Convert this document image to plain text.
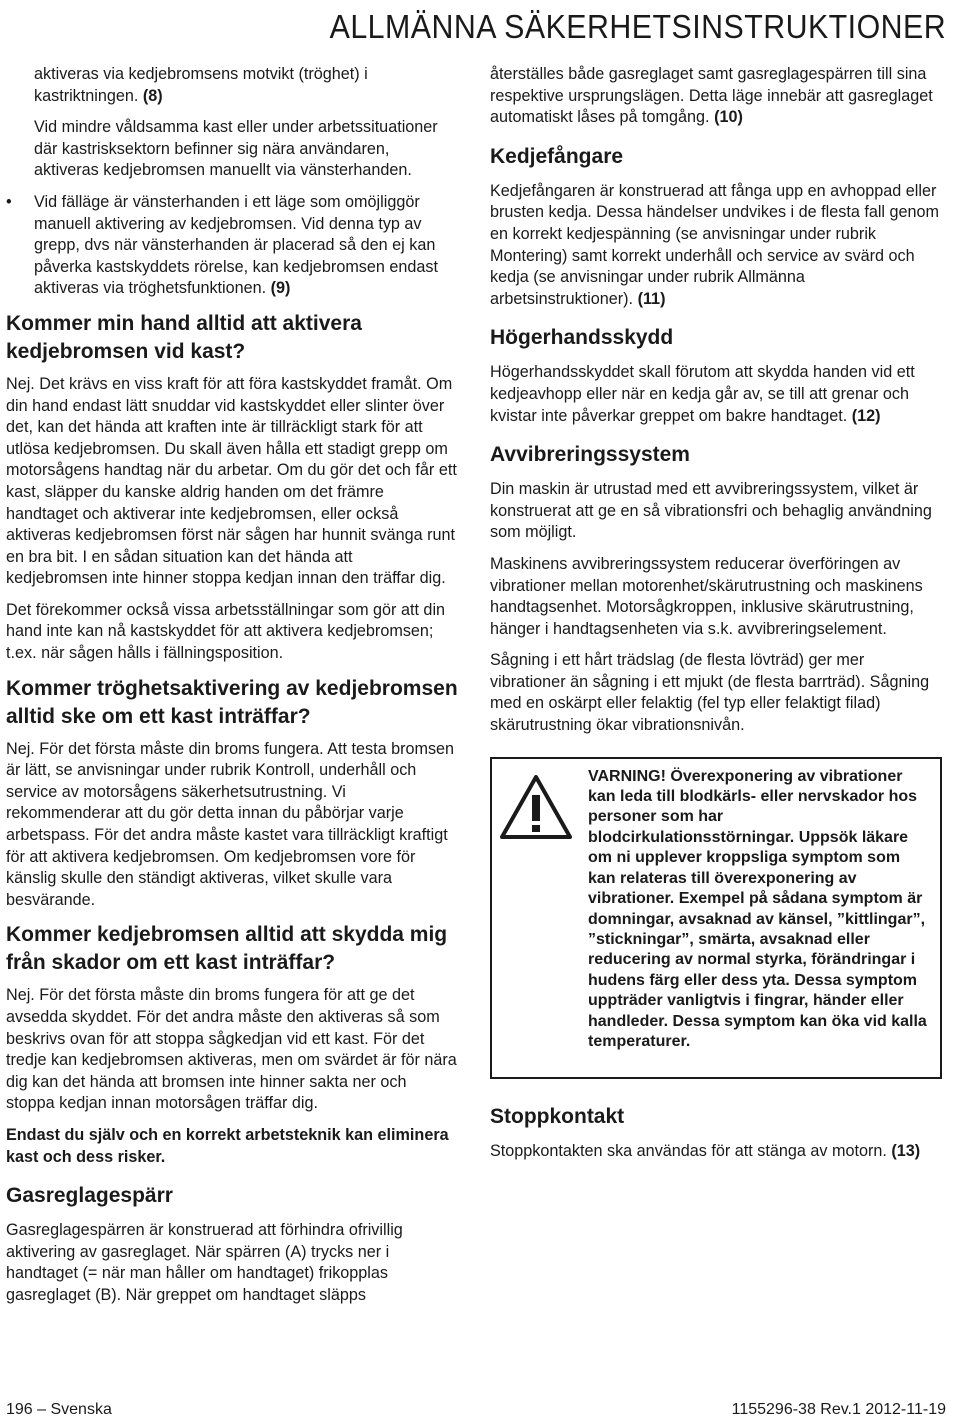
ALLMÄNNA SÄKERHETSINSTRUKTIONER

aktiveras via kedjebromsens motvikt (tröghet) i kastriktningen. (8)

Vid mindre våldsamma kast eller under arbetssituationer där kastrisksektorn befinner sig nära användaren, aktiveras kedjebromsen manuellt via vänsterhanden.

• Vid fälläge är vänsterhanden i ett läge som omöjliggör manuell aktivering av kedjebromsen. Vid denna typ av grepp, dvs när vänsterhanden är placerad så den ej kan påverka kastskyddets rörelse, kan kedjebromsen endast aktiveras via tröghetsfunktionen. (9)

Kommer min hand alltid att aktivera kedjebromsen vid kast?

Nej. Det krävs en viss kraft för att föra kastskyddet framåt. Om din hand endast lätt snuddar vid kastskyddet eller slinter över det, kan det hända att kraften inte är tillräckligt stark för att utlösa kedjebromsen. Du skall även hålla ett stadigt grepp om motorsågens handtag när du arbetar. Om du gör det och får ett kast, släpper du kanske aldrig handen om det främre handtaget och aktiverar inte kedjebromsen, eller också aktiveras kedjebromsen först när sågen har hunnit svänga runt en bra bit. I en sådan situation kan det hända att kedjebromsen inte hinner stoppa kedjan innan den träffar dig.

Det förekommer också vissa arbetsställningar som gör att din hand inte kan nå kastskyddet för att aktivera kedjebromsen; t.ex. när sågen hålls i fällningsposition.

Kommer tröghetsaktivering av kedjebromsen alltid ske om ett kast inträffar?

Nej. För det första måste din broms fungera. Att testa bromsen är lätt, se anvisningar under rubrik Kontroll, underhåll och service av motorsågens säkerhetsutrustning. Vi rekommenderar att du gör detta innan du påbörjar varje arbetspass. För det andra måste kastet vara tillräckligt kraftigt för att aktivera kedjebromsen. Om kedjebromsen vore för känslig skulle den ständigt aktiveras, vilket skulle vara besvärande.

Kommer kedjebromsen alltid att skydda mig från skador om ett kast inträffar?

Nej. För det första måste din broms fungera för att ge det avsedda skyddet. För det andra måste den aktiveras så som beskrivs ovan för att stoppa sågkedjan vid ett kast. För det tredje kan kedjebromsen aktiveras, men om svärdet är för nära dig kan det hända att bromsen inte hinner sakta ner och stoppa kedjan innan motorsågen träffar dig.

Endast du själv och en korrekt arbetsteknik kan eliminera kast och dess risker.

Gasreglagespärr

Gasreglagespärren är konstruerad att förhindra ofrivillig aktivering av gasreglaget. När spärren (A) trycks ner i handtaget (= när man håller om handtaget) frikopplas gasreglaget (B). När greppet om handtaget släpps

återställes både gasreglaget samt gasreglagespärren till sina respektive ursprungslägen. Detta läge innebär att gasreglaget automatiskt låses på tomgång. (10)

Kedjefångare

Kedjefångaren är konstruerad att fånga upp en avhoppad eller brusten kedja. Dessa händelser undvikes i de flesta fall genom en korrekt kedjespänning (se anvisningar under rubrik Montering) samt korrekt underhåll och service av svärd och kedja (se anvisningar under rubrik Allmänna arbetsinstruktioner). (11)

Högerhandsskydd

Högerhandsskyddet skall förutom att skydda handen vid ett kedjeavhopp eller när en kedja går av, se till att grenar och kvistar inte påverkar greppet om bakre handtaget. (12)

Avvibreringssystem

Din maskin är utrustad med ett avvibreringssystem, vilket är konstruerat att ge en så vibrationsfri och behaglig användning som möjligt.

Maskinens avvibreringssystem reducerar överföringen av vibrationer mellan motorenhet/skärutrustning och maskinens handtagsenhet. Motorsågkroppen, inklusive skärutrustning, hänger i handtagsenheten via s.k. avvibreringselement.

Sågning i ett hårt trädslag (de flesta lövträd) ger mer vibrationer än sågning i ett mjukt (de flesta barrträd). Sågning med en oskärpt eller felaktig (fel typ eller felaktigt filad) skärutrustning ökar vibrationsnivån.

VARNING! Överexponering av vibrationer kan leda till blodkärls- eller nervskador hos personer som har blodcirkulationsstörningar. Uppsök läkare om ni upplever kroppsliga symptom som kan relateras till överexponering av vibrationer. Exempel på sådana symptom är domningar, avsaknad av känsel, ”kittlingar”, ”stickningar”, smärta, avsaknad eller reducering av normal styrka, förändringar i hudens färg eller dess yta. Dessa symptom uppträder vanligtvis i fingrar, händer eller handleder. Dessa symptom kan öka vid kalla temperaturer.

Stoppkontakt

Stoppkontakten ska användas för att stänga av motorn. (13)

196 – Svenska	1155296-38 Rev.1 2012-11-19
